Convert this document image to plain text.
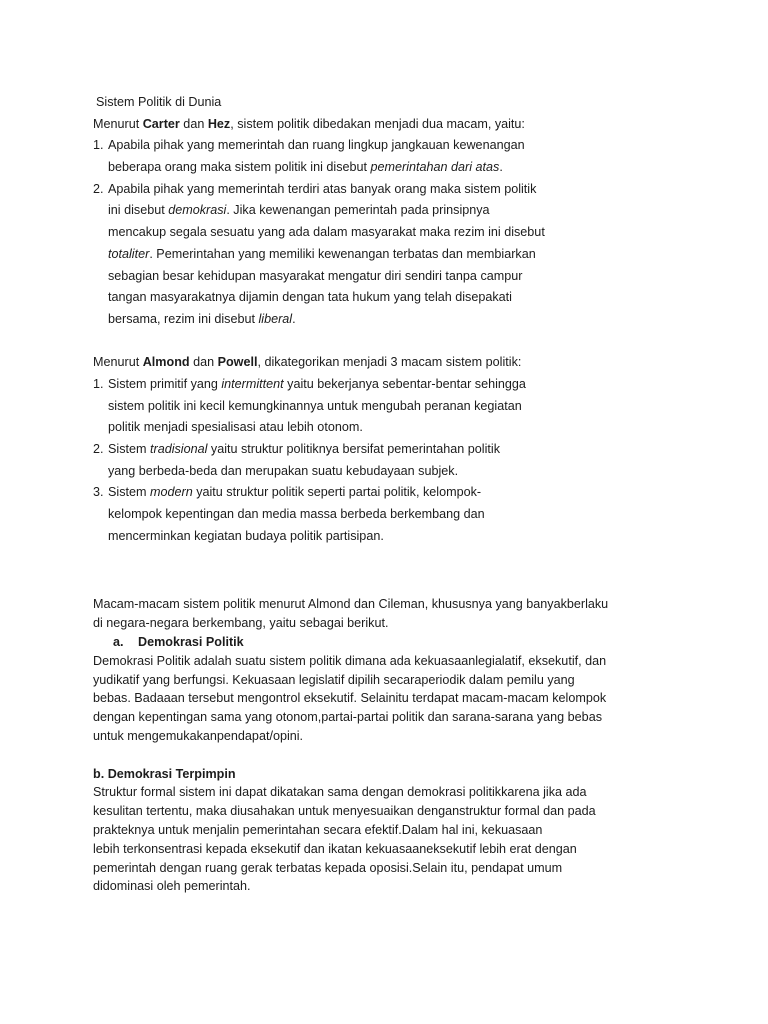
Sistem Politik di Dunia
Menurut Carter dan Hez, sistem politik dibedakan menjadi dua macam, yaitu:
1. Apabila pihak yang memerintah dan ruang lingkup jangkauan kewenangan
beberapa orang maka sistem politik ini disebut pemerintahan dari atas.
2. Apabila pihak yang memerintah terdiri atas banyak orang maka sistem politik
ini disebut demokrasi. Jika kewenangan pemerintah pada prinsipnya
mencakup segala sesuatu yang ada dalam masyarakat maka rezim ini disebut
totaliter. Pemerintahan yang memiliki kewenangan terbatas dan membiarkan
sebagian besar kehidupan masyarakat mengatur diri sendiri tanpa campur
tangan masyarakatnya dijamin dengan tata hukum yang telah disepakati
bersama, rezim ini disebut liberal.
Menurut Almond dan Powell, dikategorikan menjadi 3 macam sistem politik:
1. Sistem primitif yang intermittent yaitu bekerjanya sebentar-bentar sehingga
sistem politik ini kecil kemungkinannya untuk mengubah peranan kegiatan
politik menjadi spesialisasi atau lebih otonom.
2. Sistem tradisional yaitu struktur politiknya bersifat pemerintahan politik
yang berbeda-beda dan merupakan suatu kebudayaan subjek.
3. Sistem modern yaitu struktur politik seperti partai politik, kelompok-
kelompok kepentingan dan media massa berbeda berkembang dan
mencerminkan kegiatan budaya politik partisipan.
Macam-macam sistem politik menurut Almond dan Cileman, khususnya yang banyakberlaku
di negara-negara berkembang, yaitu sebagai berikut.
a. Demokrasi Politik
Demokrasi Politik adalah suatu sistem politik dimana ada kekuasaanlegialatif, eksekutif, dan
yudikatif yang berfungsi. Kekuasaan legislatif dipilih secaraperiodik dalam pemilu yang
bebas. Badaaan tersebut mengontrol eksekutif. Selainitu terdapat macam-macam kelompok
dengan kepentingan sama yang otonom,partai-partai politik dan sarana-sarana yang bebas
untuk mengemukakanpendapat/opini.
b. Demokrasi Terpimpin
Struktur formal sistem ini dapat dikatakan sama dengan demokrasi politikkarena jika ada
kesulitan tertentu, maka diusahakan untuk menyesuaikan denganstruktur formal dan pada
prakteknya untuk menjalin pemerintahan secara efektif.Dalam hal ini, kekuasaan
lebih terkonsentrasi kepada eksekutif dan ikatan kekuasaaneksekutif lebih erat dengan
pemerintah dengan ruang gerak terbatas kepada oposisi.Selain itu, pendapat umum
didominasi oleh pemerintah.
